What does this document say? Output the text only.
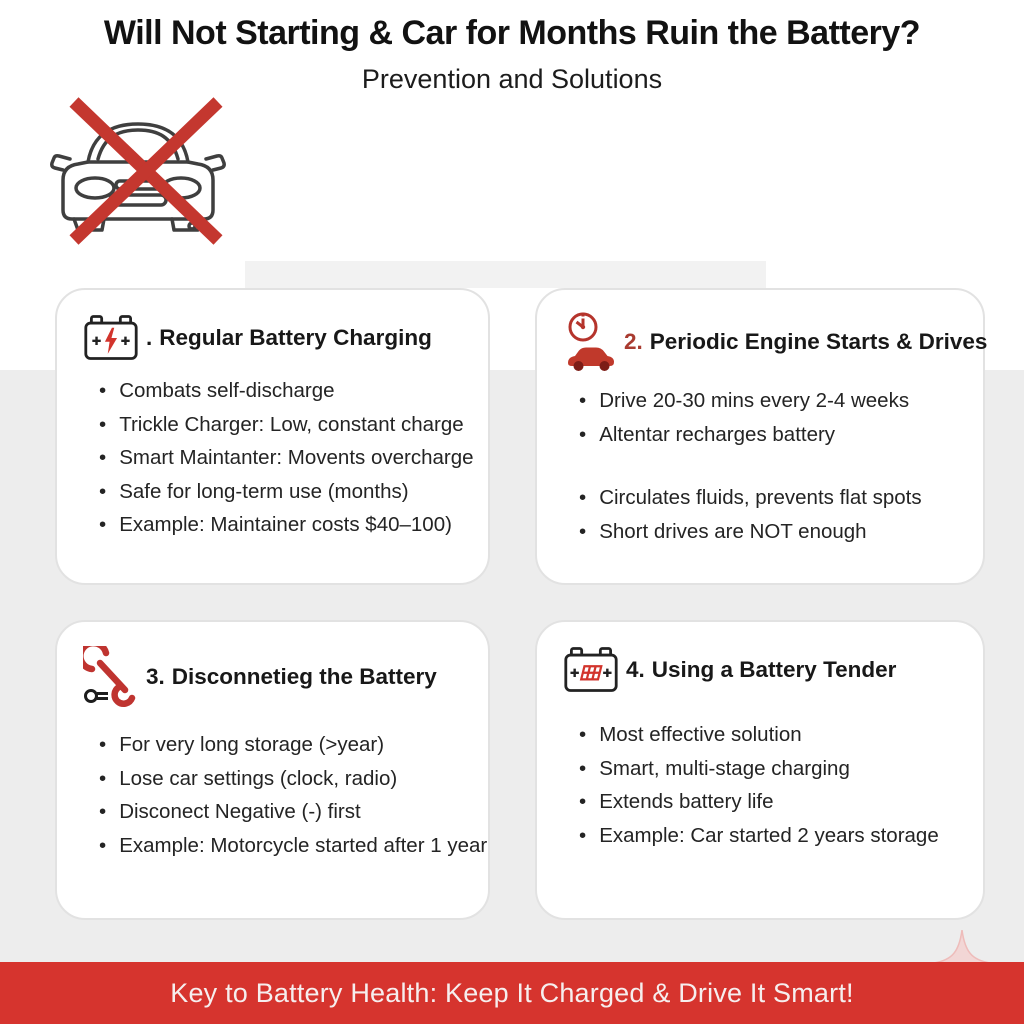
Will Not Starting & Car for Months Ruin the Battery?
Prevention and Solutions
. Regular Battery Charging
• Combats self-discharge
• Trickle Charger: Low, constant charge
• Smart Maintanter: Movents overcharge
• Safe for long-term use (months)
• Example: Maintainer costs $40–100)
2. Periodic Engine Starts & Drives
• Drive 20-30 mins every 2-4 weeks
• Altentar recharges battery
• Circulates fluids, prevents flat spots
• Short drives are NOT enough
3. Disconnetieg the Battery
• For very long storage (>year)
• Lose car settings (clock, radio)
• Disconect Negative (-) first
• Example: Motorcycle started after 1 year
4. Using a Battery Tender
• Most effective solution
• Smart, multi-stage charging
• Extends battery life
• Example: Car started 2 years storage
Key to Battery Health: Keep It Charged & Drive It Smart!
